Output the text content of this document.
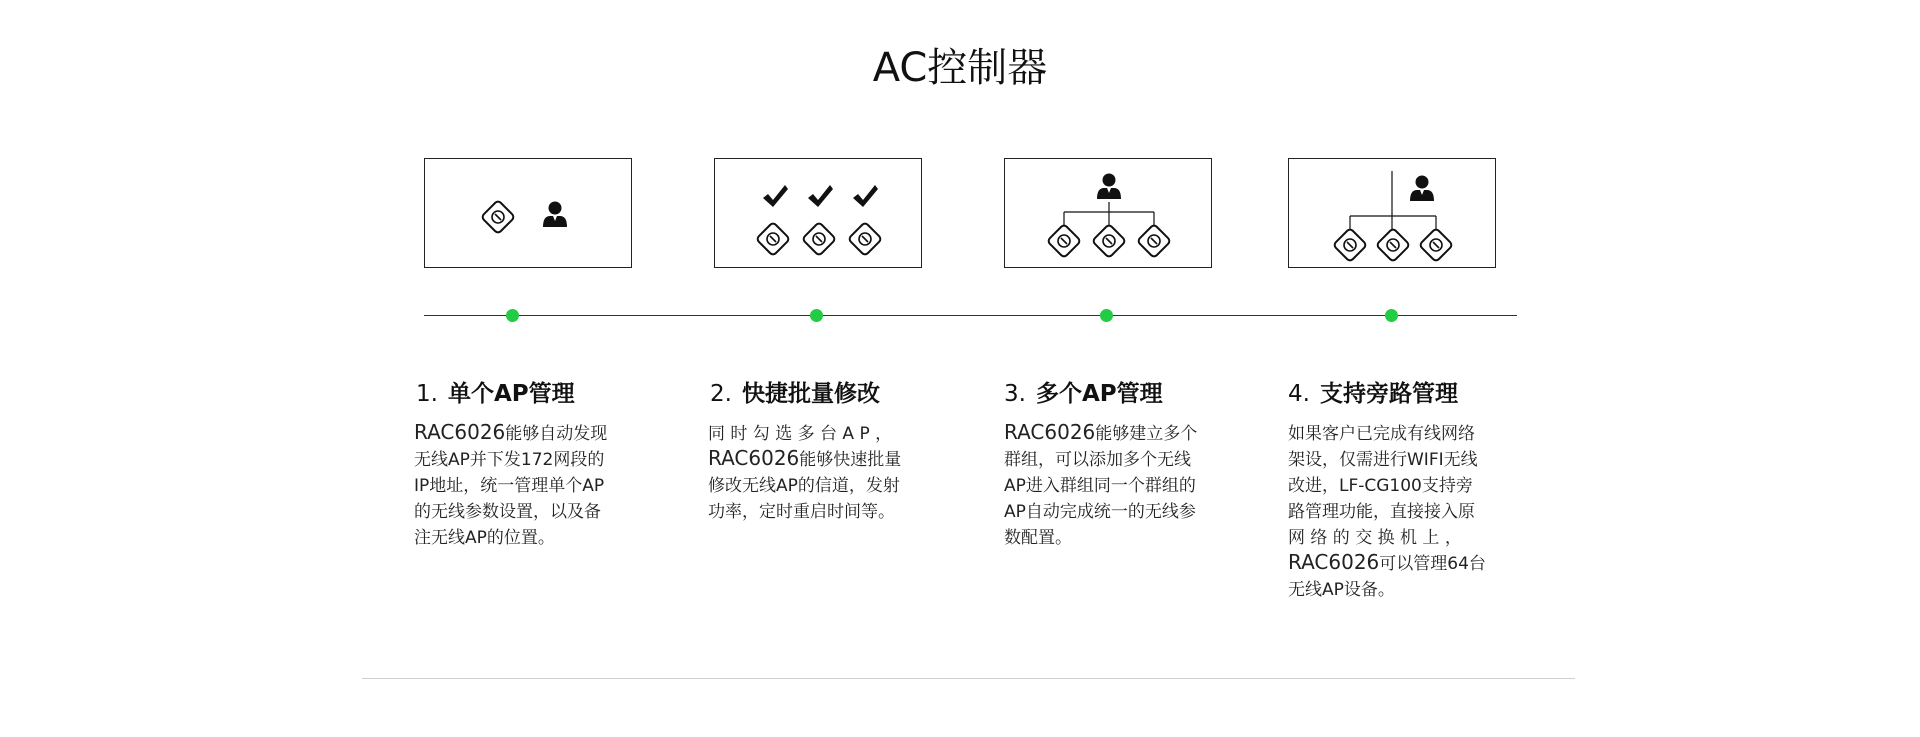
AC控制器
1. 单个AP管理	2. 快捷批量修改	3. 多个AP管理	4. 支持旁路管理

RAC6026能够自动发现

无线AP并下发172网段的

IP地址，统一管理单个AP

的无线参数设置，以及备

注无线AP的位置。

同 时 勾 选 多 台 A P ，

RAC6026能够快速批量

修改无线AP的信道，发射

功率，定时重启时间等。

RAC6026能够建立多个

群组，可以添加多个无线

AP进入群组同一个群组的

AP自动完成统一的无线参

数配置。

如果客户已完成有线网络

架设，仅需进行WIFI无线

改进，LF-CG100支持旁

路管理功能，直接接入原

网 络 的 交 换 机 上 ，

RAC6026可以管理64台

无线AP设备。
